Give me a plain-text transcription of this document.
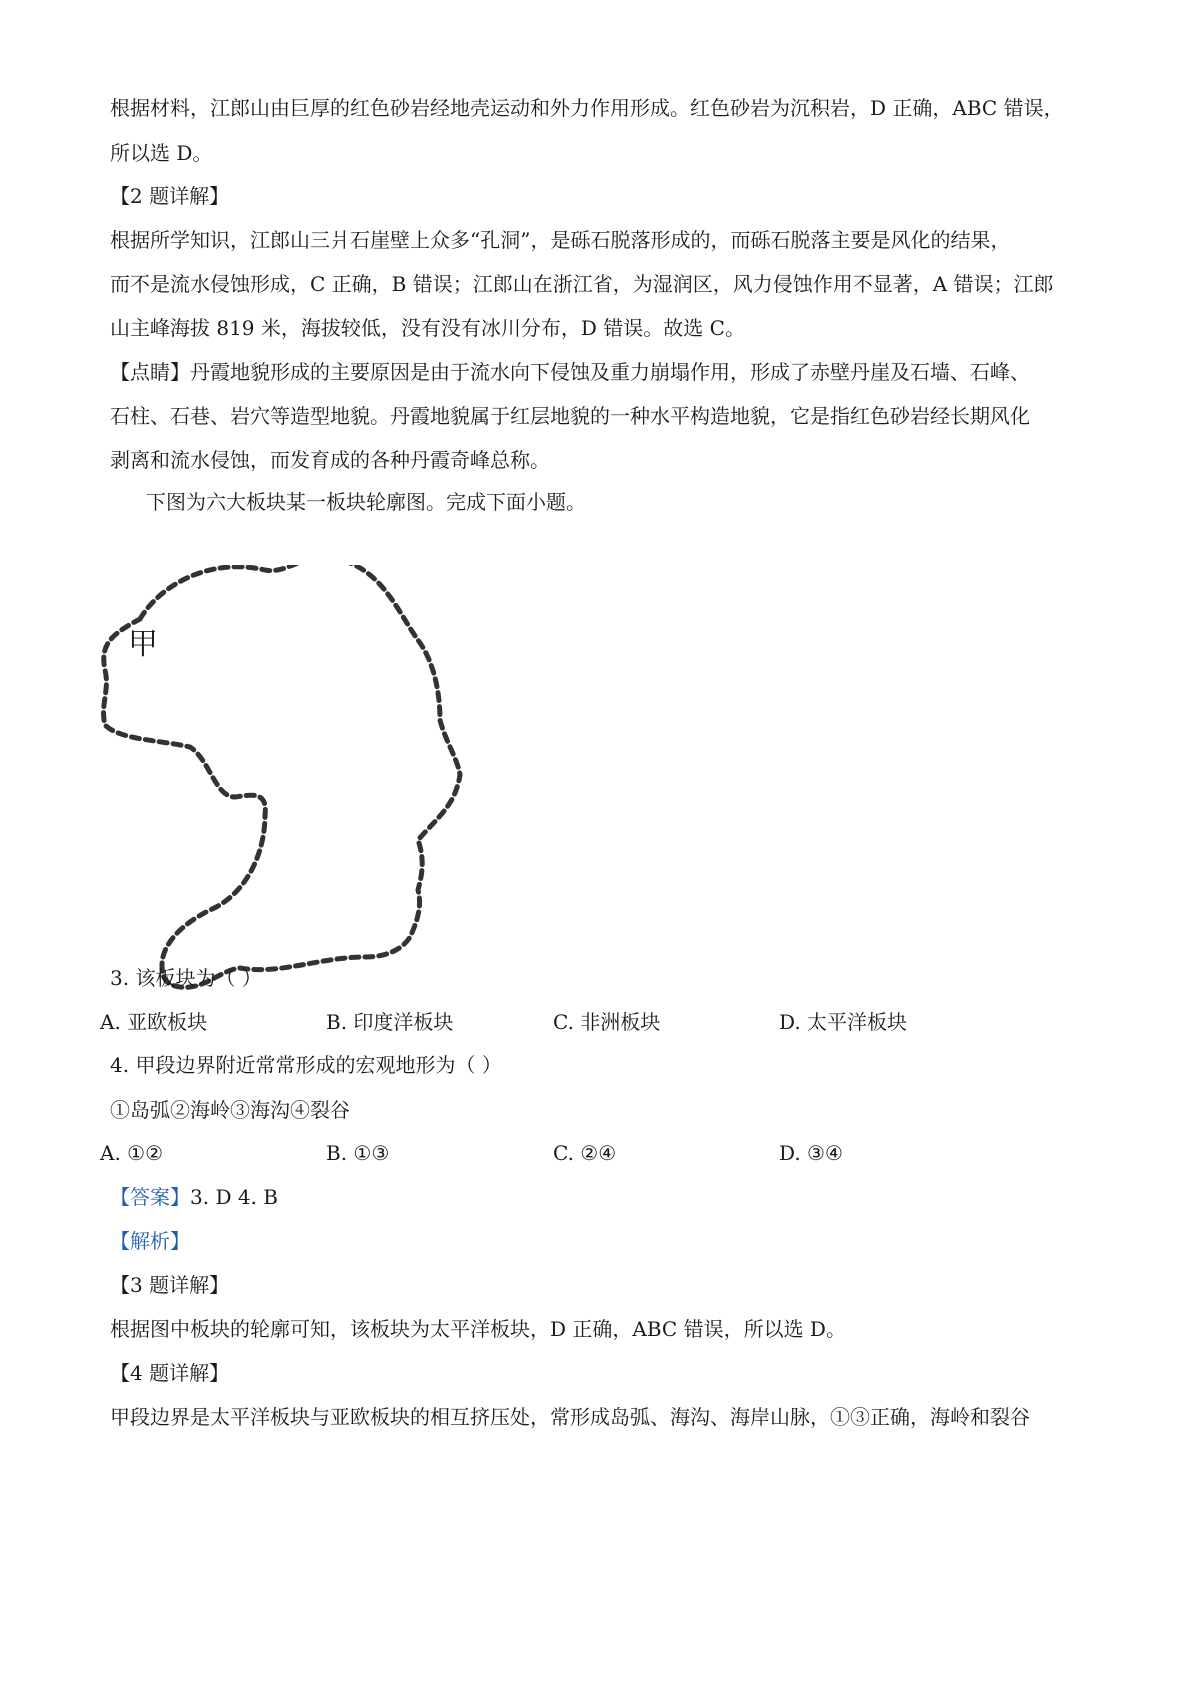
根据材料，江郎山由巨厚的红色砂岩经地壳运动和外力作用形成。红色砂岩为沉积岩，D 正确，ABC 错误，
所以选 D。
【2 题详解】
根据所学知识，江郎山三爿石崖壁上众多“孔洞”，是砾石脱落形成的，而砾石脱落主要是风化的结果，
而不是流水侵蚀形成，C 正确，B 错误；江郎山在浙江省，为湿润区，风力侵蚀作用不显著，A 错误；江郎
山主峰海拔 819 米，海拔较低，没有没有冰川分布，D 错误。故选 C。
【点睛】丹霞地貌形成的主要原因是由于流水向下侵蚀及重力崩塌作用，形成了赤壁丹崖及石墙、石峰、
石柱、石巷、岩穴等造型地貌。丹霞地貌属于红层地貌的一种水平构造地貌，它是指红色砂岩经长期风化
剥离和流水侵蚀，而发育成的各种丹霞奇峰总称。
下图为六大板块某一板块轮廓图。完成下面小题。
甲
3. 该板块为（ ）
A. 亚欧板块	B. 印度洋板块	C. 非洲板块	D. 太平洋板块
4. 甲段边界附近常常形成的宏观地形为（ ）
①岛弧②海岭③海沟④裂谷
A. ①②	B. ①③	C. ②④	D. ③④
【答案】3. D 4. B
【解析】
【3 题详解】
根据图中板块的轮廓可知，该板块为太平洋板块，D 正确，ABC 错误，所以选 D。
【4 题详解】
甲段边界是太平洋板块与亚欧板块的相互挤压处，常形成岛弧、海沟、海岸山脉，①③正确，海岭和裂谷
